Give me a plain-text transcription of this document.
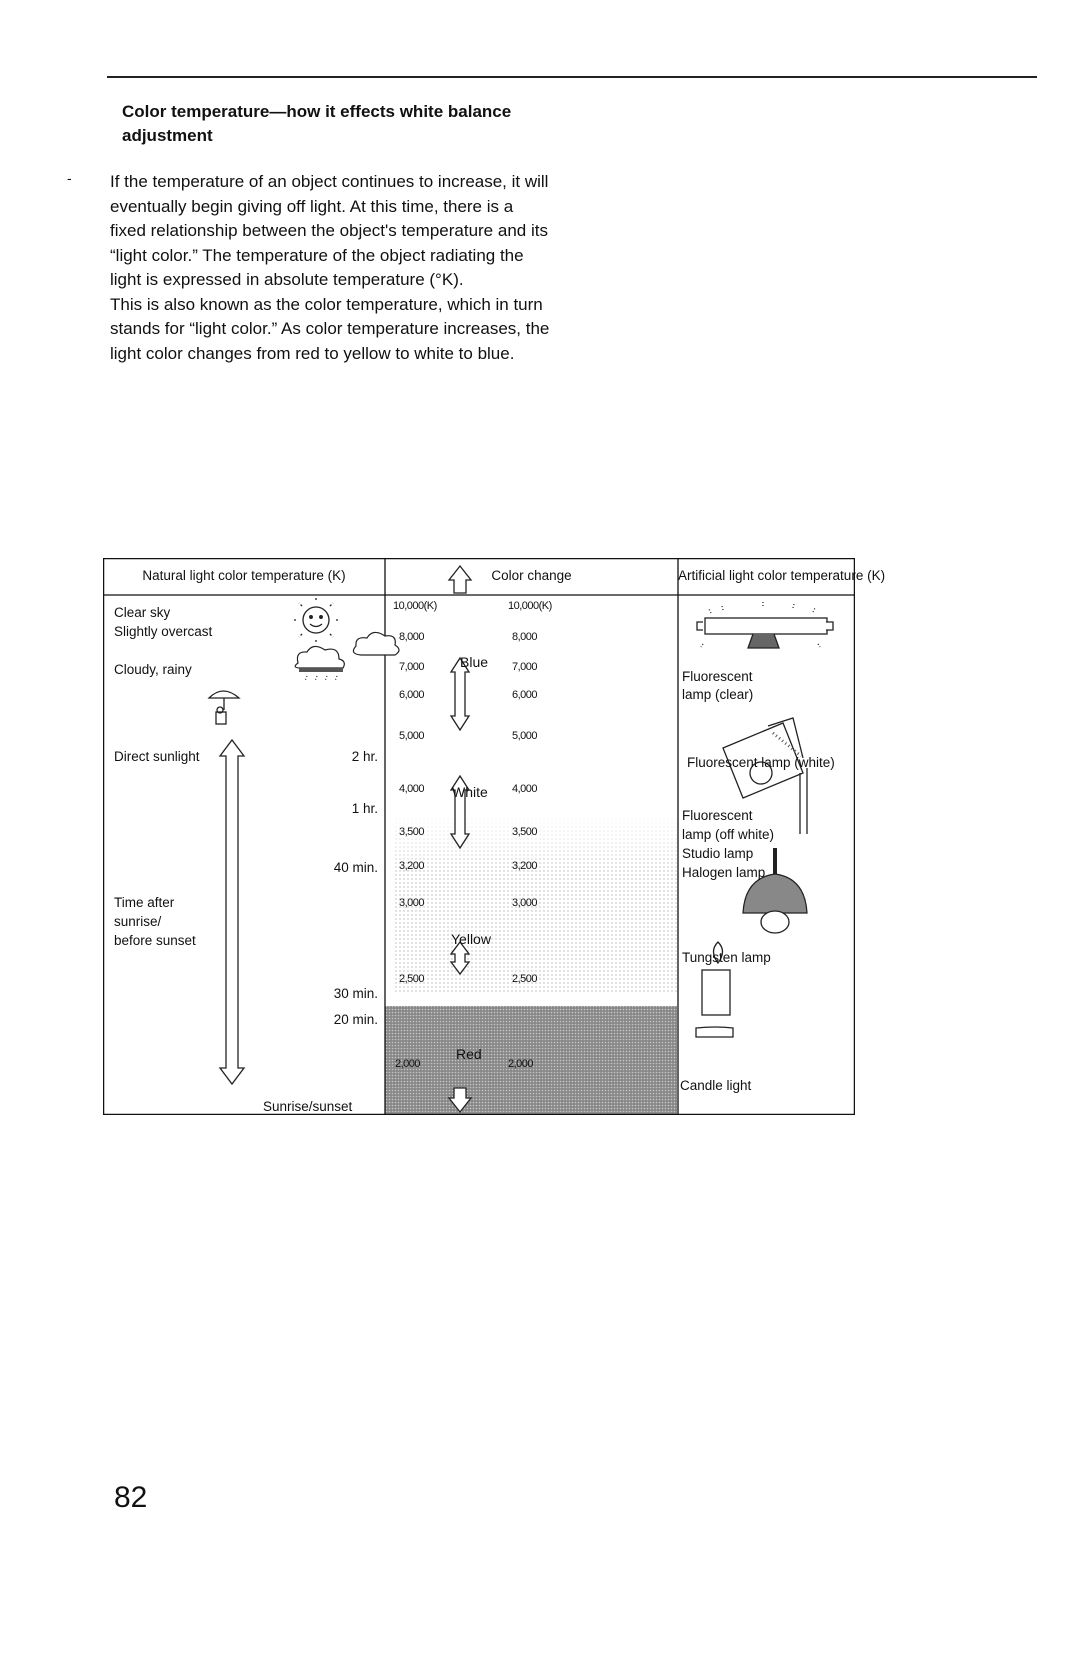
Color temperature—how it effects white balance adjustment
- If the temperature of an object continues to increase, it will eventually begin giving off light. At this time, there is a fixed relationship between the object's temperature and its “light color.” The temperature of the object radiating the light is expressed in absolute temperature (°K).

This is also known as the color temperature, which in turn stands for “light color.” As color temperature increases, the light color changes from red to yellow to white to blue.

Natural light color temperature (K)	Color change	Artificial light color temperature (K)
Clear sky
Slightly overcast
Cloudy, rainy
Direct sunlight
Time after
sunrise/
before sunset
Sunrise/sunset
2 hr.
1 hr.
40 min.
30 min.
20 min.
10,000(K)
8,000
7,000
6,000
5,000
4,000
3,500
3,200
3,000
2,500
2,000
10,000(K)
8,000
7,000
6,000
5,000
4,000
3,500
3,200
3,000
2,500
2,000
Blue
White
Yellow
Red
Fluorescent
lamp (clear)
Fluorescent lamp (white)
Fluorescent
lamp (off white)
Studio lamp
Halogen lamp
Tungsten lamp
Candle light
82
